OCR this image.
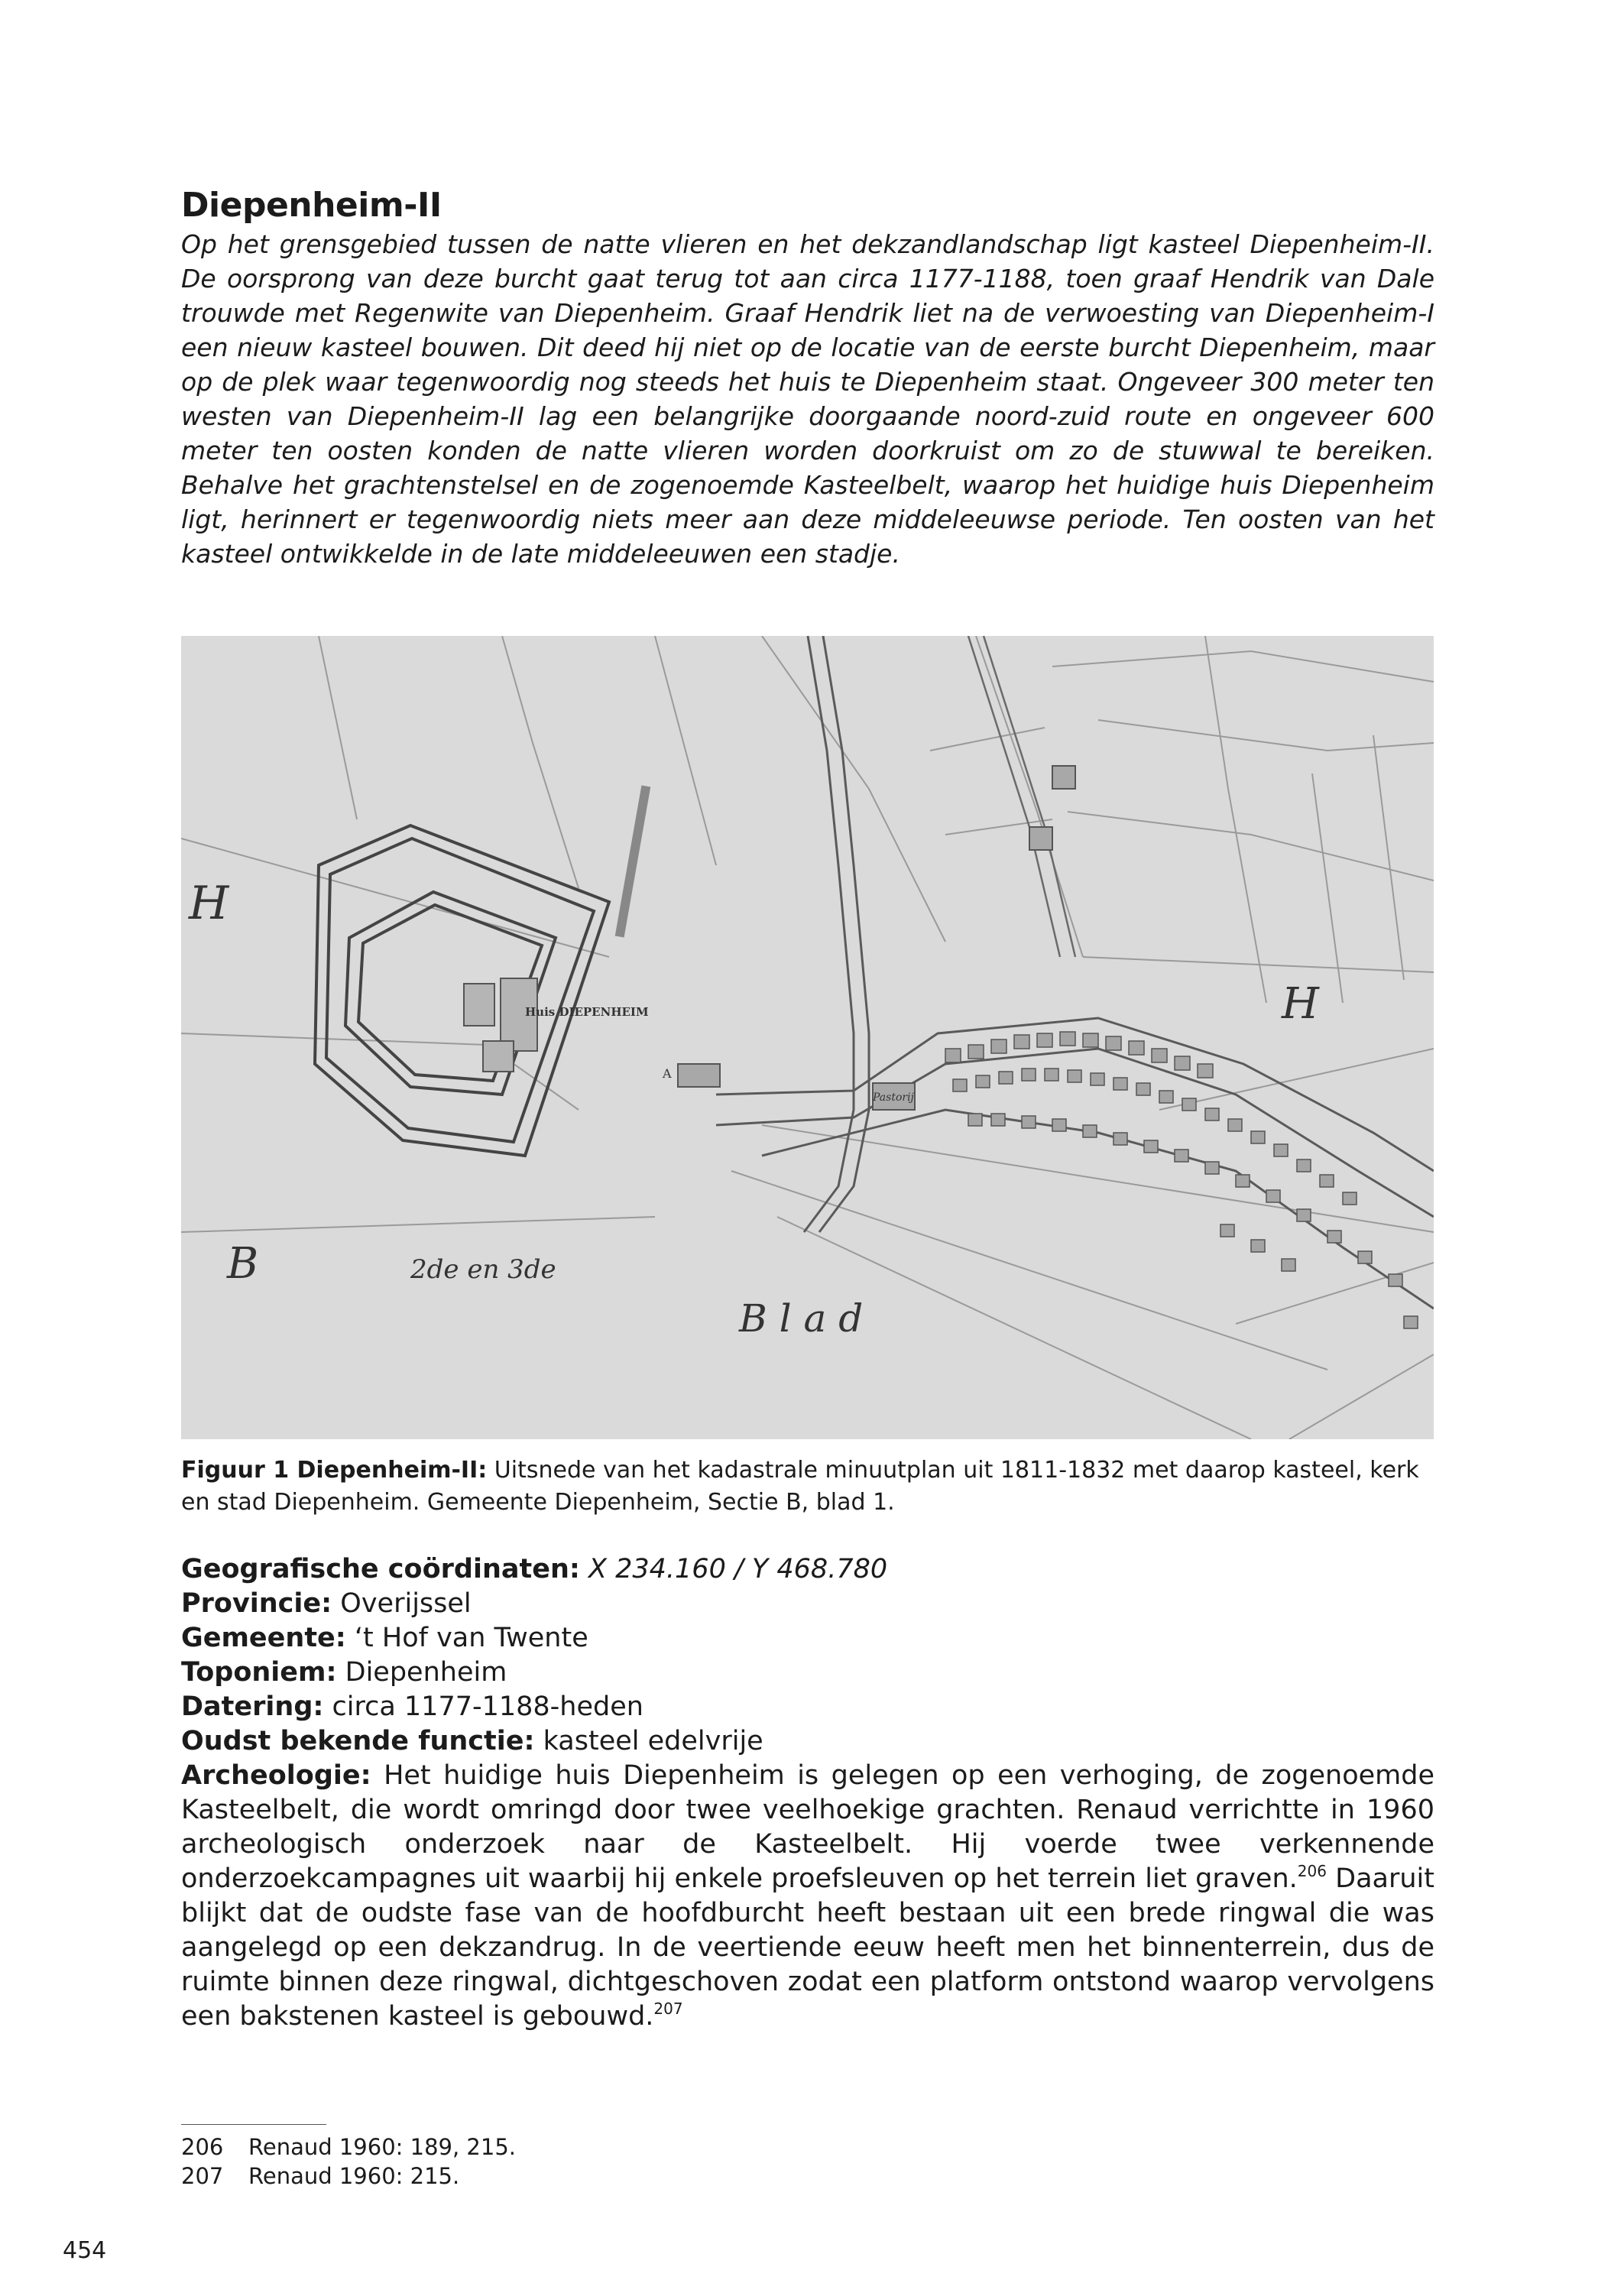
Diepenheim-II

Op het grensgebied tussen de natte vlieren en het dekzandlandschap ligt kasteel Diepenheim-II. De oorsprong van deze burcht gaat terug tot aan circa 1177-1188, toen graaf Hendrik van Dale trouwde met Regenwite van Diepenheim. Graaf Hendrik liet na de verwoesting van Diepenheim-I een nieuw kasteel bouwen. Dit deed hij niet op de locatie van de eerste burcht Diepenheim, maar op de plek waar tegenwoordig nog steeds het huis te Diepenheim staat. Ongeveer 300 meter ten westen van Diepenheim-II lag een belangrijke doorgaande noord-zuid route en ongeveer 600 meter ten oosten konden de natte vlieren worden doorkruist om zo de stuwwal te bereiken. Behalve het grachtenstelsel en de zogenoemde Kasteelbelt, waarop het huidige huis Diepenheim ligt, herinnert er tegenwoordig niets meer aan deze middeleeuwse periode. Ten oosten van het kasteel ontwikkelde in de late middeleeuwen een stadje.

Huis DIEPENHEIM
Pastorij
A
B	2de en 3de
B l a d
H
H

Figuur 1 Diepenheim-II: Uitsnede van het kadastrale minuutplan uit 1811-1832 met daarop kasteel, kerk en stad Diepenheim. Gemeente Diepenheim, Sectie B, blad 1.

Geografische coördinaten: X 234.160 / Y 468.780
Provincie: Overijssel
Gemeente: ‘t Hof van Twente
Toponiem: Diepenheim
Datering: circa 1177-1188-heden
Oudst bekende functie: kasteel edelvrije

Archeologie: Het huidige huis Diepenheim is gelegen op een verhoging, de zogenoemde Kasteelbelt, die wordt omringd door twee veelhoekige grachten. Renaud verrichtte in 1960 archeologisch onderzoek naar de Kasteelbelt. Hij voerde twee verkennende onderzoekcampagnes uit waarbij hij enkele proefsleuven op het terrein liet graven.$^{206}$ Daaruit blijkt dat de oudste fase van de hoofdburcht heeft bestaan uit een brede ringwal die was aangelegd op een dekzandrug. In de veertiende eeuw heeft men het binnenterrein, dus de ruimte binnen deze ringwal, dichtgeschoven zodat een platform ontstond waarop vervolgens een bakstenen kasteel is gebouwd.$^{207}$

206 Renaud 1960: 189, 215.
207 Renaud 1960: 215.
454
